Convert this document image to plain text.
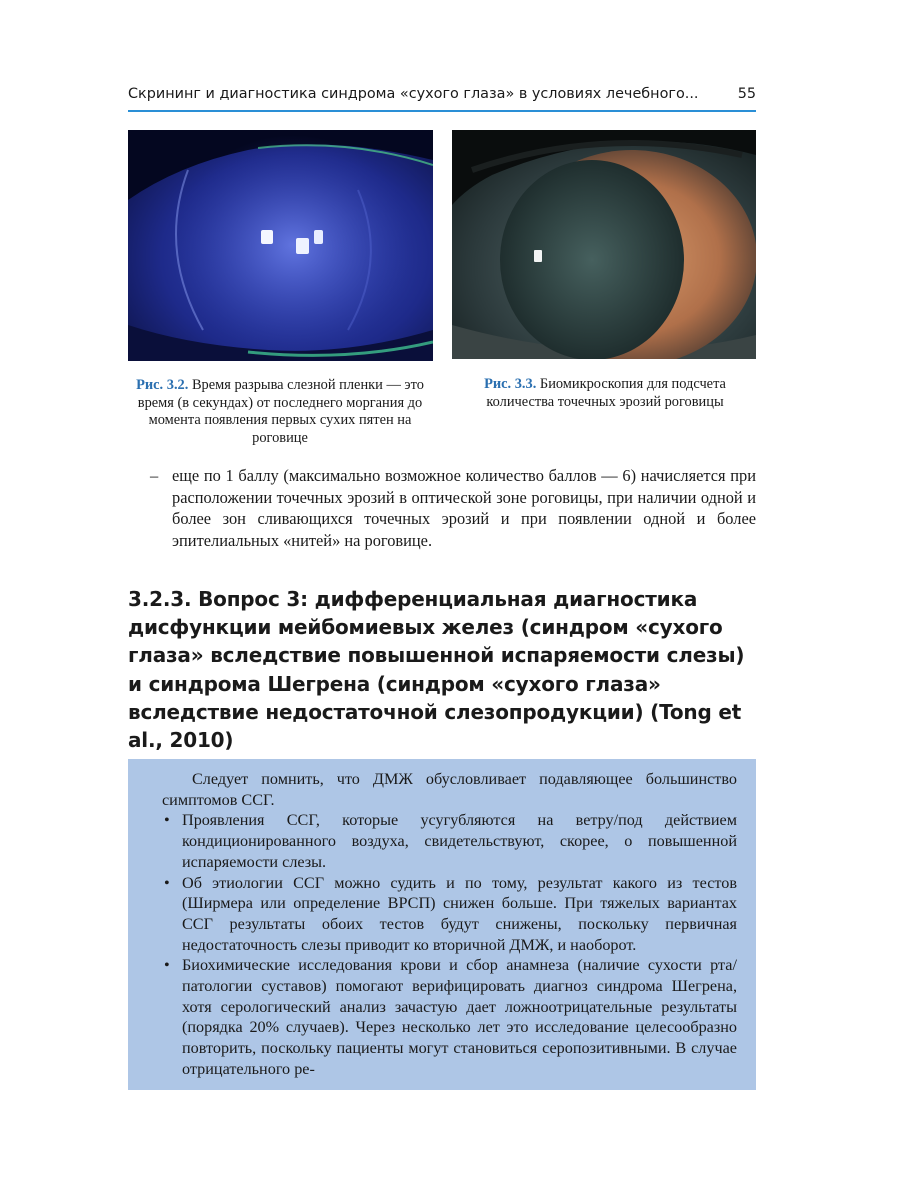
Скрининг и диагностика синдрома «сухого глаза» в условиях лечебного...	55
Рис. 3.2. Время разрыва слезной пленки — это время (в секундах) от последнего моргания до момента появления первых сухих пятен на роговице
Рис. 3.3. Биомикроскопия для подсчета количества точечных эрозий роговицы
– еще по 1 баллу (максимально возможное количество баллов — 6) начисляется при расположении точечных эрозий в оптической зоне роговицы, при наличии одной и более зон сливающихся точечных эрозий и при появлении одной и более эпителиальных «нитей» на роговице.
3.2.3. Вопрос 3: дифференциальная диагностика дисфункции мейбомиевых желез (синдром «сухого глаза» вследствие повышенной испаряемости слезы) и синдрома Шегрена (синдром «сухого глаза» вследствие недостаточной слезопродукции) (Tong et al., 2010)

Следует помнить, что ДМЖ обусловливает подавляющее большинство симптомов ССГ.

• Проявления ССГ, которые усугубляются на ветру/под действием кондиционированного воздуха, свидетельствуют, скорее, о повышенной испаряемости слезы.
• Об этиологии ССГ можно судить и по тому, результат какого из тестов (Ширмера или определение ВРСП) снижен больше. При тяжелых вариантах ССГ результаты обоих тестов будут снижены, поскольку первичная недостаточность слезы приводит ко вторичной ДМЖ, и наоборот.
• Биохимические исследования крови и сбор анамнеза (наличие сухости рта/патологии суставов) помогают верифицировать диагноз синдрома Шегрена, хотя серологический анализ зачастую дает ложноотрицательные результаты (порядка 20% случаев). Через несколько лет это исследование целесообразно повторить, поскольку пациенты могут становиться серопозитивными. В случае отрицательного ре-
